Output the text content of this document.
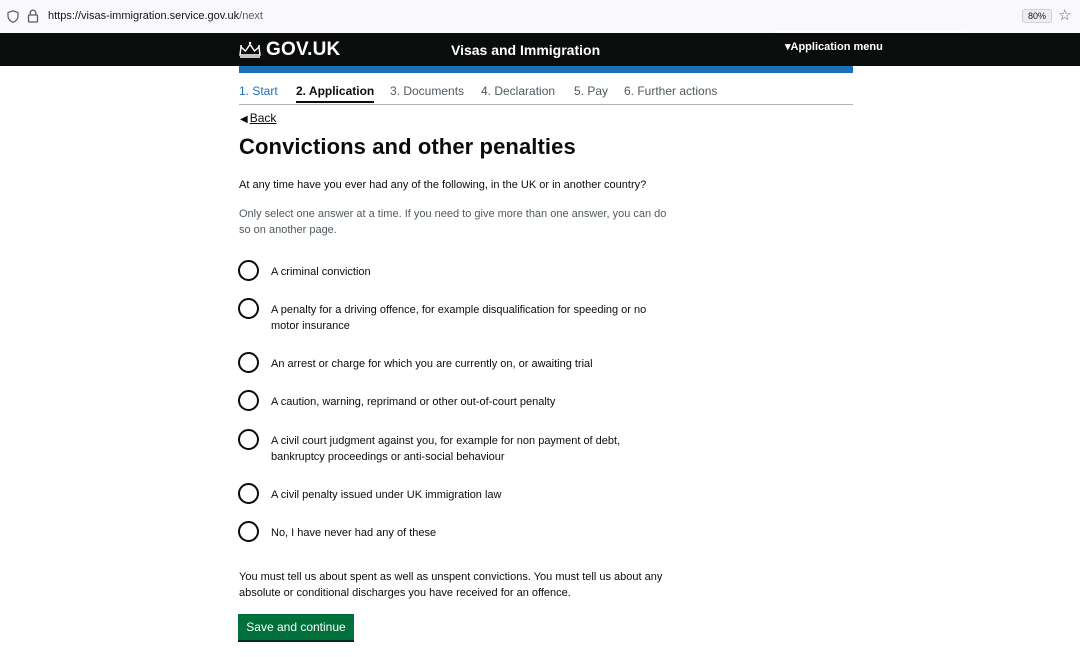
https://visas-immigration.service.gov.uk/next	80% ☆
GOV.UK	Visas and Immigration	▾Application menu
1. Start 2. Application 3. Documents 4. Declaration 5. Pay 6. Further actions
◀ Back
Convictions and other penalties

At any time have you ever had any of the following, in the UK or in another country?

Only select one answer at a time. If you need to give more than one answer, you can do so on another page.

A criminal conviction
A penalty for a driving offence, for example disqualification for speeding or no motor insurance
An arrest or charge for which you are currently on, or awaiting trial
A caution, warning, reprimand or other out-of-court penalty
A civil court judgment against you, for example for non payment of debt, bankruptcy proceedings or anti-social behaviour
A civil penalty issued under UK immigration law
No, I have never had any of these

You must tell us about spent as well as unspent convictions. You must tell us about any absolute or conditional discharges you have received for an offence.

Save and continue
